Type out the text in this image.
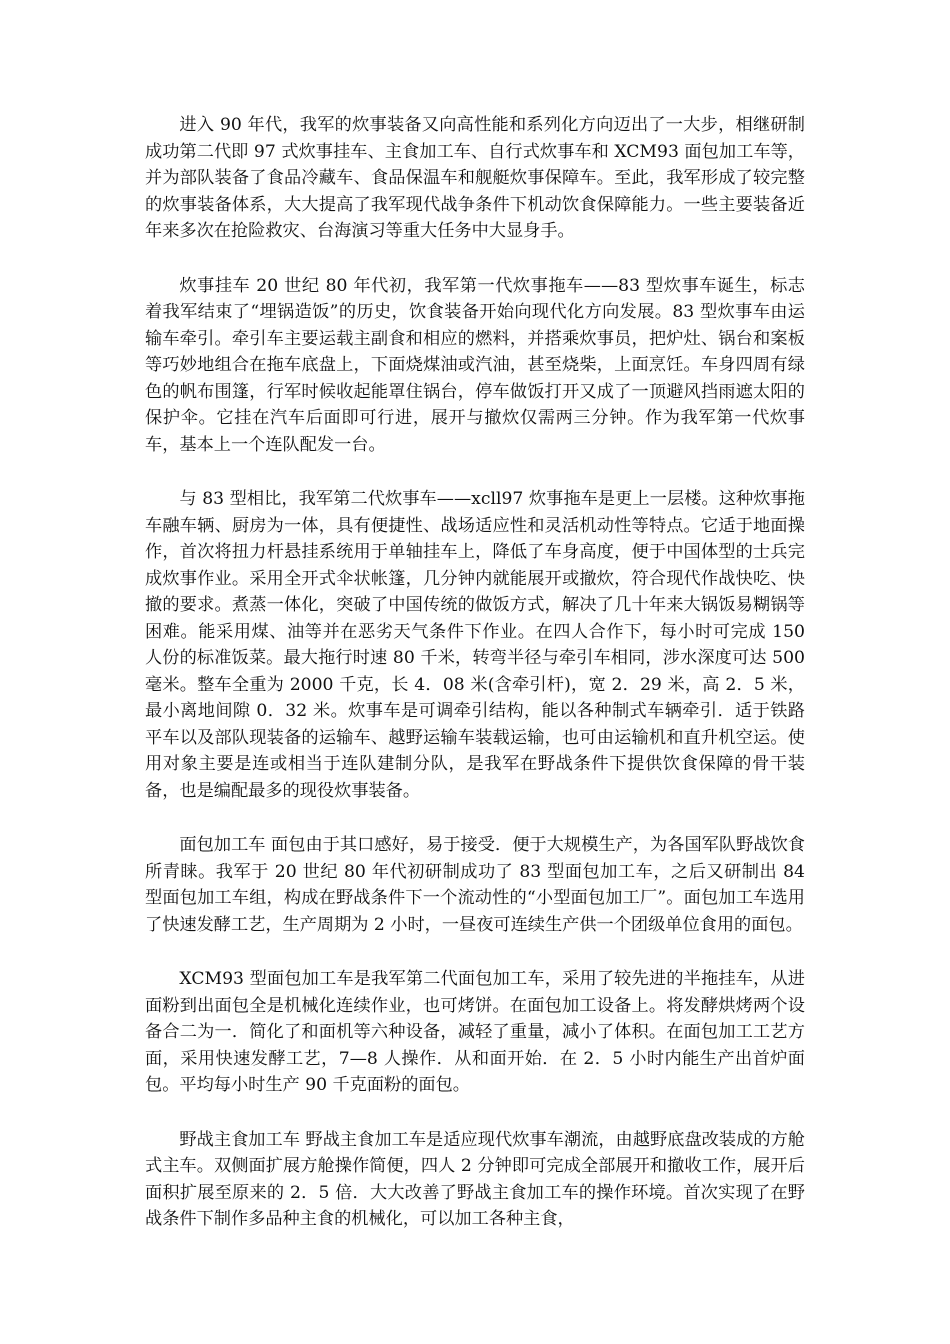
进入 90 年代，我军的炊事装备又向高性能和系列化方向迈出了一大步，相继研制成功第二代即 97 式炊事挂车、主食加工车、自行式炊事车和 XCM93 面包加工车等，并为部队装备了食品冷藏车、食品保温车和舰艇炊事保障车。至此，我军形成了较完整的炊事装备体系，大大提高了我军现代战争条件下机动饮食保障能力。一些主要装备近年来多次在抢险救灾、台海演习等重大任务中大显身手。

炊事挂车 20 世纪 80 年代初，我军第一代炊事拖车——83 型炊事车诞生，标志着我军结束了“埋锅造饭”的历史，饮食装备开始向现代化方向发展。83 型炊事车由运输车牵引。牵引车主要运载主副食和相应的燃料，并搭乘炊事员，把炉灶、锅台和案板等巧妙地组合在拖车底盘上，下面烧煤油或汽油，甚至烧柴，上面烹饪。车身四周有绿色的帆布围篷，行军时候收起能罩住锅台，停车做饭打开又成了一顶避风挡雨遮太阳的保护伞。它挂在汽车后面即可行进，展开与撤炊仅需两三分钟。作为我军第一代炊事车，基本上一个连队配发一台。

与 83 型相比，我军第二代炊事车——xcll97 炊事拖车是更上一层楼。这种炊事拖车融车辆、厨房为一体，具有便捷性、战场适应性和灵活机动性等特点。它适于地面操作，首次将扭力杆悬挂系统用于单轴挂车上，降低了车身高度，便于中国体型的士兵完成炊事作业。采用全开式伞状帐篷，几分钟内就能展开或撤炊，符合现代作战快吃、快撤的要求。煮蒸一体化，突破了中国传统的做饭方式，解决了几十年来大锅饭易糊锅等困难。能采用煤、油等并在恶劣天气条件下作业。在四人合作下，每小时可完成 150 人份的标准饭菜。最大拖行时速 80 千米，转弯半径与牵引车相同，涉水深度可达 500 毫米。整车全重为 2000 千克，长 4．08 米(含牵引杆)，宽 2．29 米，高 2．5 米，最小离地间隙 0．32 米。炊事车是可调牵引结构，能以各种制式车辆牵引．适于铁路平车以及部队现装备的运输车、越野运输车装载运输，也可由运输机和直升机空运。使用对象主要是连或相当于连队建制分队，是我军在野战条件下提供饮食保障的骨干装备，也是编配最多的现役炊事装备。

面包加工车 面包由于其口感好，易于接受．便于大规模生产，为各国军队野战饮食所青睐。我军于 20 世纪 80 年代初研制成功了 83 型面包加工车，之后又研制出 84 型面包加工车组，构成在野战条件下一个流动性的“小型面包加工厂”。面包加工车选用了快速发酵工艺，生产周期为 2 小时，一昼夜可连续生产供一个团级单位食用的面包。

XCM93 型面包加工车是我军第二代面包加工车，采用了较先进的半拖挂车，从进面粉到出面包全是机械化连续作业，也可烤饼。在面包加工设备上。将发酵烘烤两个设备合二为一．简化了和面机等六种设备，减轻了重量，减小了体积。在面包加工工艺方面，采用快速发酵工艺，7—8 人操作．从和面开始．在 2．5 小时内能生产出首炉面包。平均每小时生产 90 千克面粉的面包。

野战主食加工车 野战主食加工车是适应现代炊事车潮流，由越野底盘改装成的方舱式主车。双侧面扩展方舱操作简便，四人 2 分钟即可完成全部展开和撤收工作，展开后面积扩展至原来的 2．5 倍．大大改善了野战主食加工车的操作环境。首次实现了在野战条件下制作多品种主食的机械化，可以加工各种主食，
